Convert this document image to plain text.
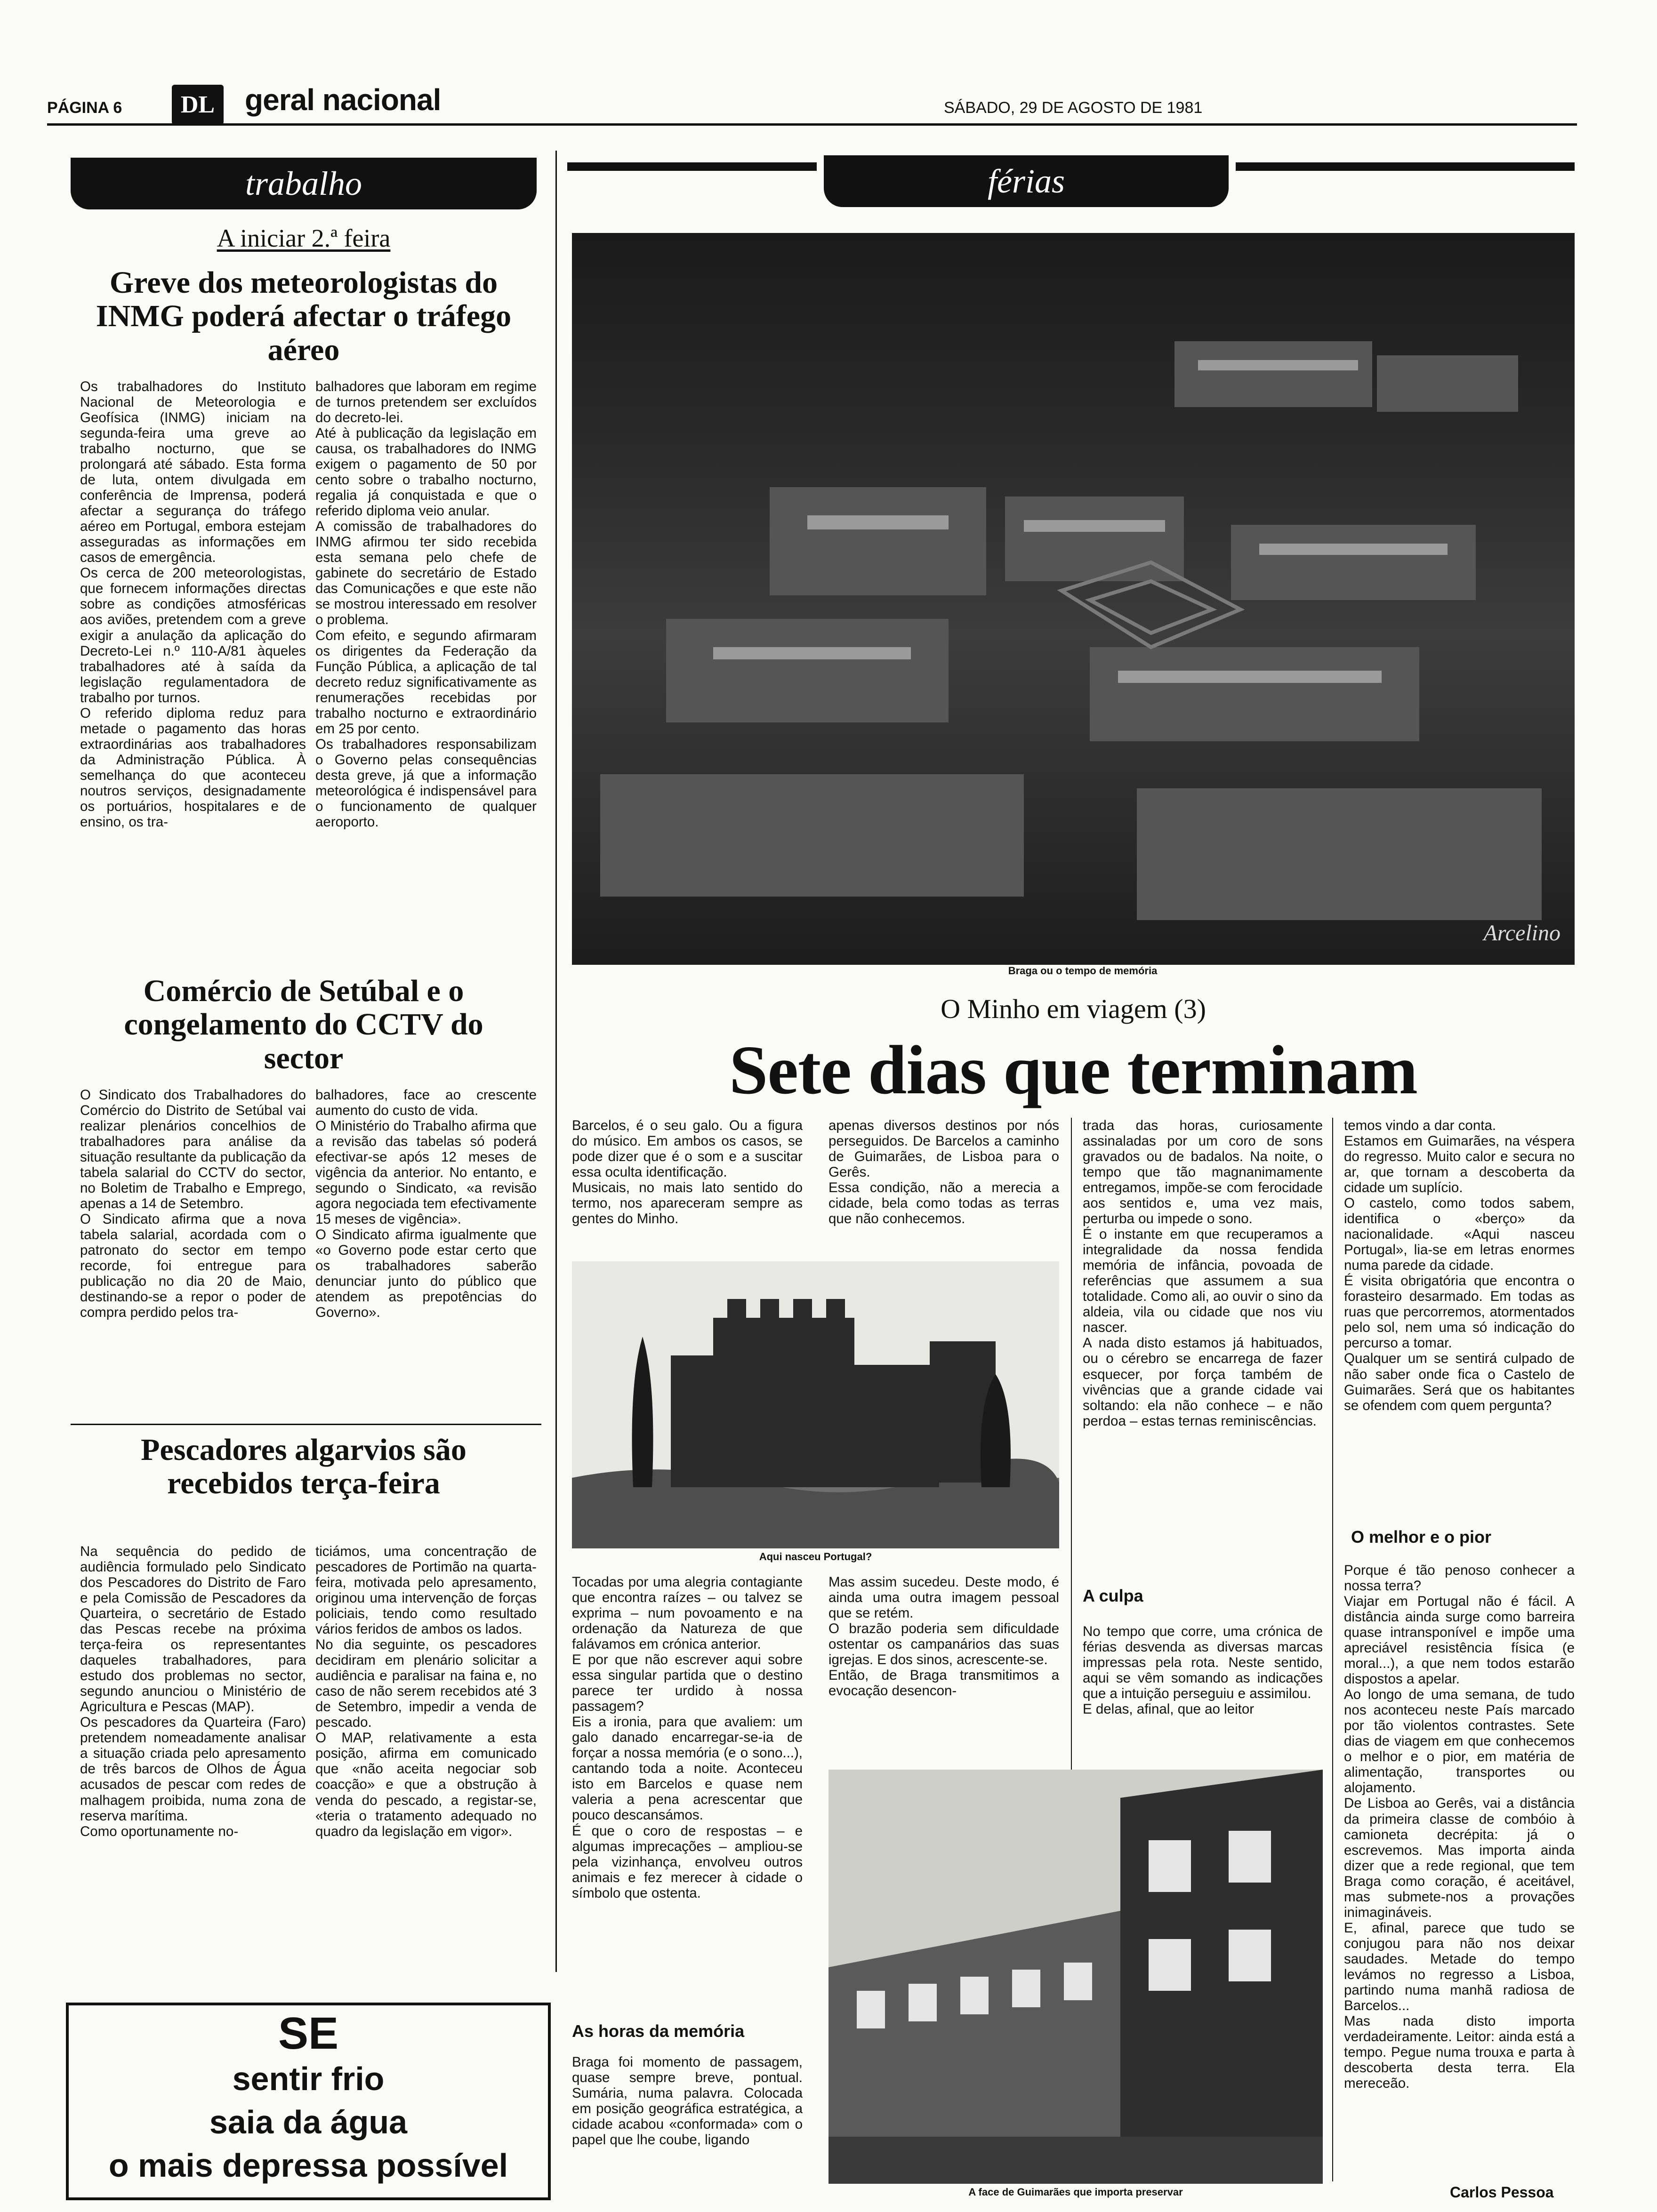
PÁGINA 6	DL geral nacional	SÁBADO, 29 DE AGOSTO DE 1981
trabalho
A iniciar 2.ª feira
Greve dos meteorologistas do INMG poderá afectar o tráfego aéreo
Os trabalhadores do Instituto Nacional de Meteorologia e Geofísica (INMG) iniciam na segunda-feira uma greve ao trabalho nocturno, que se prolongará até sábado. Esta forma de luta, ontem divulgada em conferência de Imprensa, poderá afectar a segurança do tráfego aéreo em Portugal, embora estejam asseguradas as informações em casos de emergência.
Os cerca de 200 meteorologistas, que fornecem informações directas sobre as condições atmosféricas aos aviões, pretendem com a greve exigir a anulação da aplicação do Decreto-Lei n.º 110-A/81 àqueles trabalhadores até à saída da legislação regulamentadora de trabalho por turnos.
O referido diploma reduz para metade o pagamento das horas extraordinárias aos trabalhadores da Administração Pública. À semelhança do que aconteceu noutros serviços, designadamente os portuários, hospitalares e de ensino, os tra-
balhadores que laboram em regime de turnos pretendem ser excluídos do decreto-lei.
Até à publicação da legislação em causa, os trabalhadores do INMG exigem o pagamento de 50 por cento sobre o trabalho nocturno, regalia já conquistada e que o referido diploma veio anular.
A comissão de trabalhadores do INMG afirmou ter sido recebida esta semana pelo chefe de gabinete do secretário de Estado das Comunicações e que este não se mostrou interessado em resolver o problema.
Com efeito, e segundo afirmaram os dirigentes da Federação da Função Pública, a aplicação de tal decreto reduz significativamente as renumerações recebidas por trabalho nocturno e extraordinário em 25 por cento.
Os trabalhadores responsabilizam o Governo pelas consequências desta greve, já que a informação meteorológica é indispensável para o funcionamento de qualquer aeroporto.
Comércio de Setúbal e o congelamento do CCTV do sector
O Sindicato dos Trabalhadores do Comércio do Distrito de Setúbal vai realizar plenários concelhios de trabalhadores para análise da situação resultante da publicação da tabela salarial do CCTV do sector, no Boletim de Trabalho e Emprego, apenas a 14 de Setembro.
O Sindicato afirma que a nova tabela salarial, acordada com o patronato do sector em tempo recorde, foi entregue para publicação no dia 20 de Maio, destinando-se a repor o poder de compra perdido pelos tra-
balhadores, face ao crescente aumento do custo de vida.
O Ministério do Trabalho afirma que a revisão das tabelas só poderá efectivar-se após 12 meses de vigência da anterior. No entanto, e segundo o Sindicato, «a revisão agora negociada tem efectivamente 15 meses de vigência».
O Sindicato afirma igualmente que «o Governo pode estar certo que os trabalhadores saberão denunciar junto do público que atendem as prepotências do Governo».
Pescadores algarvios são recebidos terça-feira
Na sequência do pedido de audiência formulado pelo Sindicato dos Pescadores do Distrito de Faro e pela Comissão de Pescadores da Quarteira, o secretário de Estado das Pescas recebe na próxima terça-feira os representantes daqueles trabalhadores, para estudo dos problemas no sector, segundo anunciou o Ministério de Agricultura e Pescas (MAP).
Os pescadores da Quarteira (Faro) pretendem nomeadamente analisar a situação criada pelo apresamento de três barcos de Olhos de Água acusados de pescar com redes de malhagem proibida, numa zona de reserva marítima.
Como oportunamente no-
ticiámos, uma concentração de pescadores de Portimão na quarta-feira, motivada pelo apresamento, originou uma intervenção de forças policiais, tendo como resultado vários feridos de ambos os lados.
No dia seguinte, os pescadores decidiram em plenário solicitar a audiência e paralisar na faina e, no caso de não serem recebidos até 3 de Setembro, impedir a venda de pescado.
O MAP, relativamente a esta posição, afirma em comunicado que «não aceita negociar sob coacção» e que a obstrução à venda do pescado, a registar-se, «teria o tratamento adequado no quadro da legislação em vigor».
SE
sentir frio
saia da água
o mais depressa possível
férias
Arcelino
Braga ou o tempo de memória
O Minho em viagem (3)
Sete dias que terminam
Barcelos, é o seu galo. Ou a figura do músico. Em ambos os casos, se pode dizer que é o som e a suscitar essa oculta identificação.
Musicais, no mais lato sentido do termo, nos apareceram sempre as gentes do Minho.
apenas diversos destinos por nós perseguidos. De Barcelos a caminho de Guimarães, de Lisboa para o Gerês.
Essa condição, não a merecia a cidade, bela como todas as terras que não conhecemos.
trada das horas, curiosamente assinaladas por um coro de sons gravados ou de badalos. Na noite, o tempo que tão magnanimamente entregamos, impõe-se com ferocidade aos sentidos e, uma vez mais, perturba ou impede o sono.
É o instante em que recuperamos a integralidade da nossa fendida memória de infância, povoada de referências que assumem a sua totalidade. Como ali, ao ouvir o sino da aldeia, vila ou cidade que nos viu nascer.
A nada disto estamos já habituados, ou o cérebro se encarrega de fazer esquecer, por força também de vivências que a grande cidade vai soltando: ela não conhece – e não perdoa – estas ternas reminiscências.
temos vindo a dar conta.
Estamos em Guimarães, na véspera do regresso. Muito calor e secura no ar, que tornam a descoberta da cidade um suplício.
O castelo, como todos sabem, identifica o «berço» da nacionalidade. «Aqui nasceu Portugal», lia-se em letras enormes numa parede da cidade.
É visita obrigatória que encontra o forasteiro desarmado. Em todas as ruas que percorremos, atormentados pelo sol, nem uma só indicação do percurso a tomar.
Qualquer um se sentirá culpado de não saber onde fica o Castelo de Guimarães. Será que os habitantes se ofendem com quem pergunta?
Aqui nasceu Portugal?
Tocadas por uma alegria contagiante que encontra raízes – ou talvez se exprima – num povoamento e na ordenação da Natureza de que falávamos em crónica anterior.
E por que não escrever aqui sobre essa singular partida que o destino parece ter urdido à nossa passagem?
Eis a ironia, para que avaliem: um galo danado encarregar-se-ia de forçar a nossa memória (e o sono...), cantando toda a noite. Aconteceu isto em Barcelos e quase nem valeria a pena acrescentar que pouco descansámos.
É que o coro de respostas – e algumas imprecações – ampliou-se pela vizinhança, envolveu outros animais e fez merecer à cidade o símbolo que ostenta.
As horas da memória
Braga foi momento de passagem, quase sempre breve, pontual. Sumária, numa palavra. Colocada em posição geográfica estratégica, a cidade acabou «conformada» com o papel que lhe coube, ligando
Mas assim sucedeu. Deste modo, é ainda uma outra imagem pessoal que se retém.
O brazão poderia sem dificuldade ostentar os campanários das suas igrejas. E dos sinos, acrescente-se.
Então, de Braga transmitimos a evocação desencon-
A culpa
No tempo que corre, uma crónica de férias desvenda as diversas marcas impressas pela rota. Neste sentido, aqui se vêm somando as indicações que a intuição perseguiu e assimilou.
E delas, afinal, que ao leitor
O melhor e o pior
Porque é tão penoso conhecer a nossa terra?
Viajar em Portugal não é fácil. A distância ainda surge como barreira quase intransponível e impõe uma apreciável resistência física (e moral...), a que nem todos estarão dispostos a apelar.
Ao longo de uma semana, de tudo nos aconteceu neste País marcado por tão violentos contrastes. Sete dias de viagem em que conhecemos o melhor e o pior, em matéria de alimentação, transportes ou alojamento.
De Lisboa ao Gerês, vai a distância da primeira classe de combóio à camioneta decrépita: já o escrevemos. Mas importa ainda dizer que a rede regional, que tem Braga como coração, é aceitável, mas submete-nos a provações inimagináveis.
E, afinal, parece que tudo se conjugou para não nos deixar saudades. Metade do tempo levámos no regresso a Lisboa, partindo numa manhã radiosa de Barcelos...
Mas nada disto importa verdadeiramente. Leitor: ainda está a tempo. Pegue numa trouxa e parta à descoberta desta terra. Ela mereceão.
A face de Guimarães que importa preservar	Carlos Pessoa
